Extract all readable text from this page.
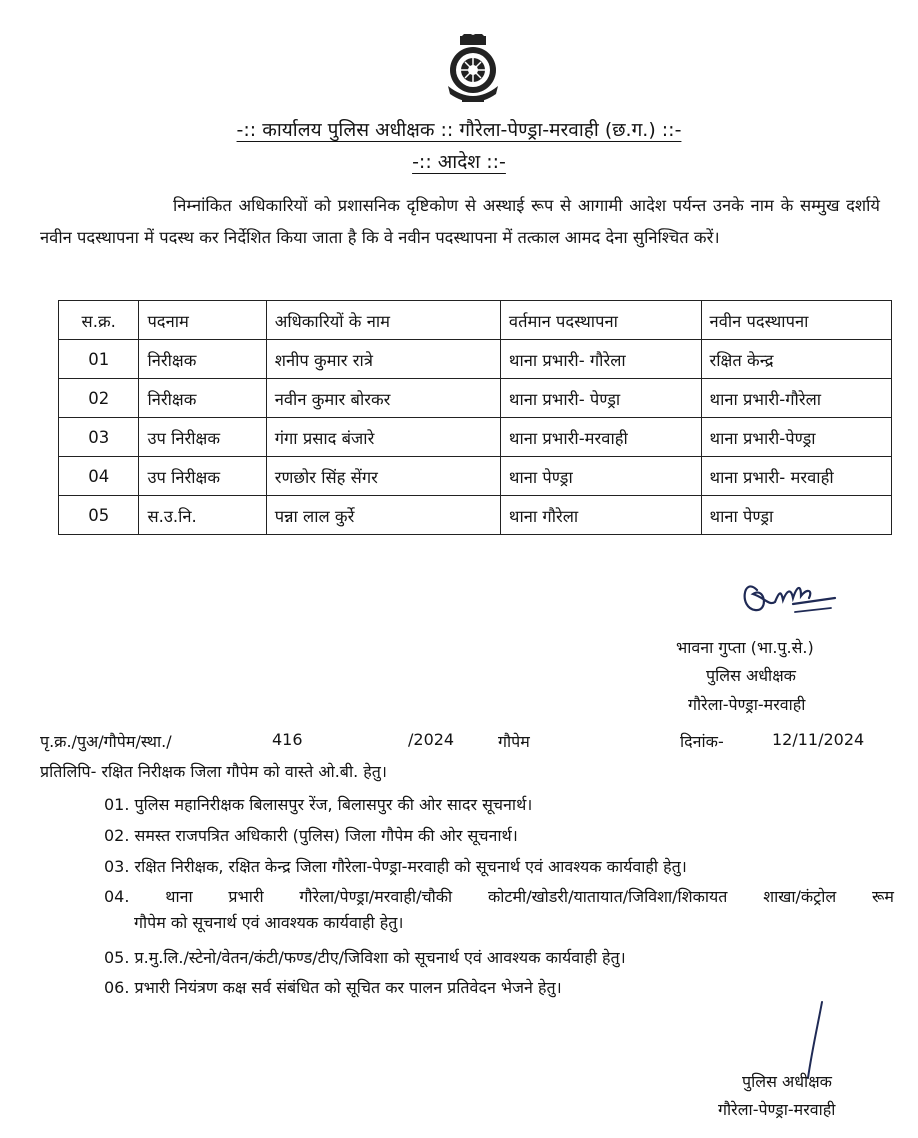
-:: कार्यालय पुलिस अधीक्षक :: गौरेला-पेण्ड्रा-मरवाही (छ.ग.) ::-
-:: आदेश ::-
निम्नांकित अधिकारियों को प्रशासनिक दृष्टिकोण से अस्थाई रूप से आगामी आदेश पर्यन्त उनके नाम के सम्मुख दर्शाये नवीन पदस्थापना में पदस्थ कर निर्देशित किया जाता है कि वे नवीन पदस्थापना में तत्काल आमद देना सुनिश्चित करें।
स.क्र.	पदनाम	अधिकारियों के नाम	वर्तमान पदस्थापना	नवीन पदस्थापना
01	निरीक्षक	शनीप कुमार रात्रे	थाना प्रभारी- गौरेला	रक्षित केन्द्र
02	निरीक्षक	नवीन कुमार बोरकर	थाना प्रभारी- पेण्ड्रा	थाना प्रभारी-गौरेला
03	उप निरीक्षक	गंगा प्रसाद बंजारे	थाना प्रभारी-मरवाही	थाना प्रभारी-पेण्ड्रा
04	उप निरीक्षक	रणछोर सिंह सेंगर	थाना पेण्ड्रा	थाना प्रभारी- मरवाही
05	स.उ.नि.	पन्ना लाल कुर्रे	थाना गौरेला	थाना पेण्ड्रा
भावना गुप्ता (भा.पु.से.)
पुलिस अधीक्षक
गौरेला-पेण्ड्रा-मरवाही
पृ.क्र./पुअ/गौपेम/स्था./	416	/2024	गौपेम	दिनांक-	12/11/2024
प्रतिलिपि- रक्षित निरीक्षक जिला गौपेम को वास्ते ओ.बी. हेतु।
01. पुलिस महानिरीक्षक बिलासपुर रेंज, बिलासपुर की ओर सादर सूचनार्थ।
02. समस्त राजपत्रित अधिकारी (पुलिस) जिला गौपेम की ओर सूचनार्थ।
03. रक्षित निरीक्षक, रक्षित केन्द्र जिला गौरेला-पेण्ड्रा-मरवाही को सूचनार्थ एवं आवश्यक कार्यवाही हेतु।
04. थाना प्रभारी गौरेला/पेण्ड्रा/मरवाही/चौकी कोटमी/खोडरी/यातायात/जिविशा/शिकायत शाखा/कंट्रोल रूम
गौपेम को सूचनार्थ एवं आवश्यक कार्यवाही हेतु।
05. प्र.मु.लि./स्टेनो/वेतन/कंटी/फण्ड/टीए/जिविशा को सूचनार्थ एवं आवश्यक कार्यवाही हेतु।
06. प्रभारी नियंत्रण कक्ष सर्व संबंधित को सूचित कर पालन प्रतिवेदन भेजने हेतु।
पुलिस अधीक्षक
गौरेला-पेण्ड्रा-मरवाही
